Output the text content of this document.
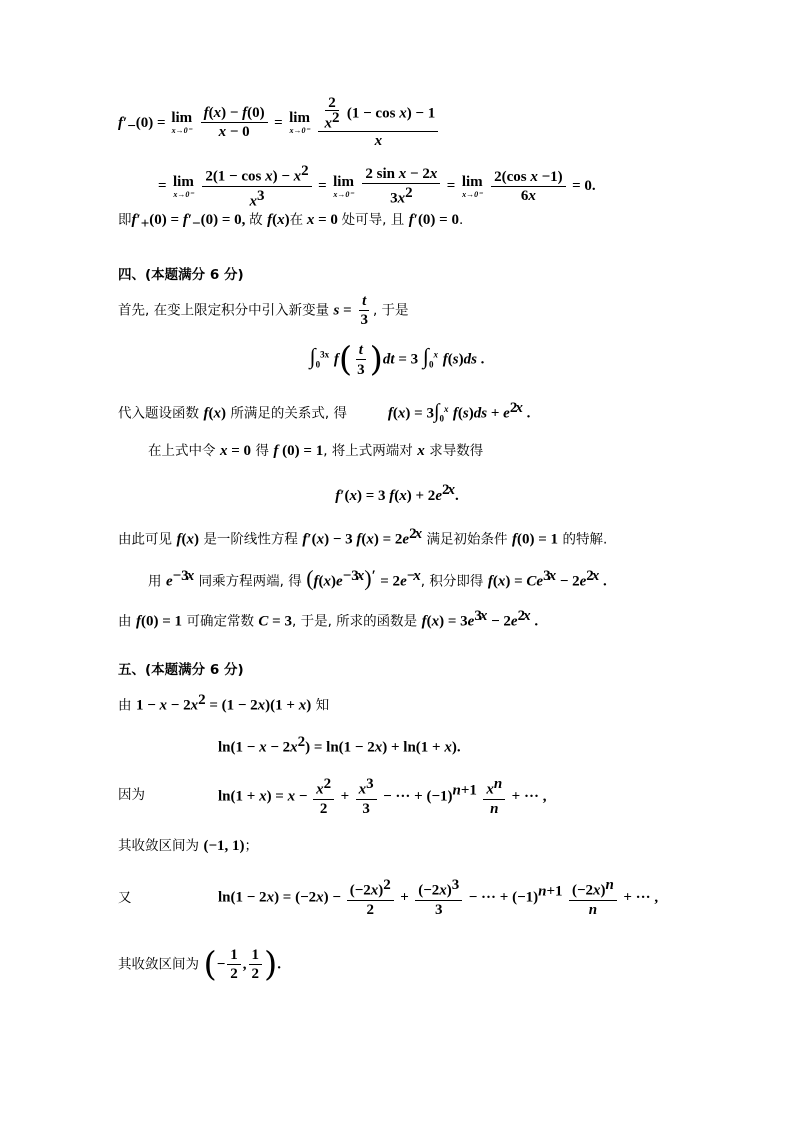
$f'_-(0) = \lim$
x→0⁻
$\frac{f(x) - f(0)}{x - 0} = \lim$
x→0⁻
$\frac{\frac{2}{x^2} (1 - \cos x) - 1}{x}$
= lim
x→0⁻
$\frac{2(1 - \cos x) - x^2}{x^3} = \lim$
x→0⁻
$\frac{\text{2 sin x − 2x}}{3x^2} = \lim$
x→0⁻
$\frac{\text{2(cos x −1)}}{6x} = 0$.
即$f'_+(0) = f'_-(0) = 0$, 故 f(x)在 x = 0 处可导, 且 f′(0) = 0.
四、(本题满分 6 分)
首先, 在变上限定积分中引入新变量 $s = \frac{t}{3}$ , 于是
$\int_0^{3x}$ $f( \frac{t}{3} )dt = 3$ $\int_0^x$ f(s)ds .
代入题设函数 f(x) 所满足的关系式, 得	$f(x) = 3\int_0^x$ $f(s)ds + e^{2x}$ .
在上式中令 x = 0 得 f (0) = 1, 将上式两端对 x 求导数得
f′(x) = 3 $f(x) + 2e^{2x}$.
由此可见 f(x) 是一阶线性方程 f′(x) − 3 $f(x) = 2e^{2x}$ 满足初始条件 f(0) = 1 的特解.
用 $e^{-3x}$ 同乘方程两端, 得 $(f(x)e^{-3x})' = 2e^{-x}$, 积分即得 $f(x) = Ce^{3x} - 2e^{2x}$ .
由 f(0) = 1 可确定常数 C = 3, 于是, 所求的函数是 $f(x) = 3e^{3x} - 2e^{2x}$ .
五、(本题满分 6 分)
由 $1 - x - 2x^2 = (1 - 2x)(1 + x)$ 知
$\ln(1 - x - 2x^2) = \ln(1 - 2x) + \ln(1 + x)$.
因为	$\ln(1 + x) = x - \frac{x^2}{2} + \frac{x^3}{3}$ − ··· + $(-1)^{n+1} \frac{x^n}{n}$ + ··· ,
其收敛区间为 (−1, 1)；
又	$\ln(1 - 2x) = (-2x) - \frac{(-2x)^2}{2} + \frac{(-2x)^3}{3}$ − ··· + $(-1)^{n+1} \frac{(-2x)^n}{n}$ + ··· ,
其收敛区间为 (− $\frac{1}{2}$ , $\frac{1}{2}$ ).
